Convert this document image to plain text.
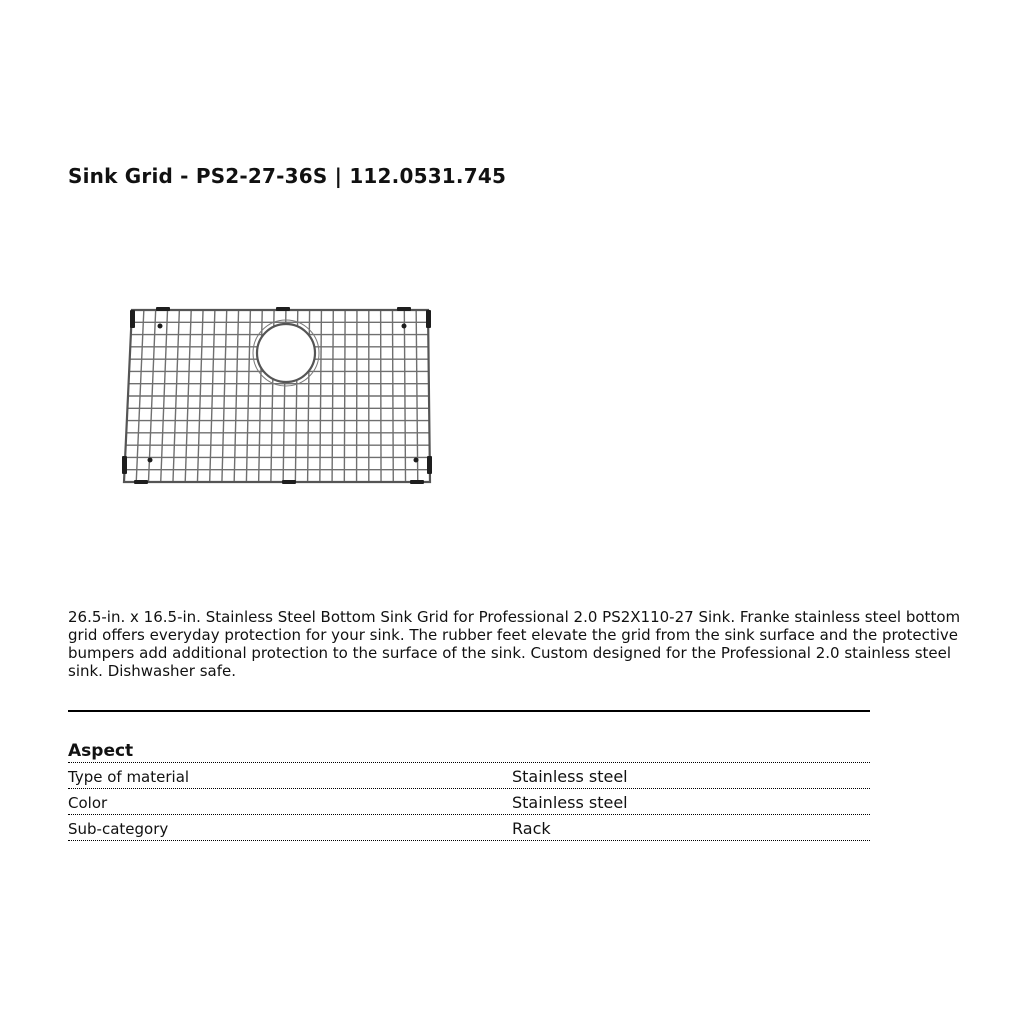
Sink Grid - PS2-27-36S | 112.0531.745

26.5-in. x 16.5-in. Stainless Steel Bottom Sink Grid for Professional 2.0 PS2X110-27 Sink. Franke stainless steel bottom grid offers everyday protection for your sink. The rubber feet elevate the grid from the sink surface and the protective bumpers add additional protection to the surface of the sink. Custom designed for the Professional 2.0 stainless steel sink. Dishwasher safe.

Aspect
Type of material	Stainless steel
Color	Stainless steel
Sub-category	Rack
